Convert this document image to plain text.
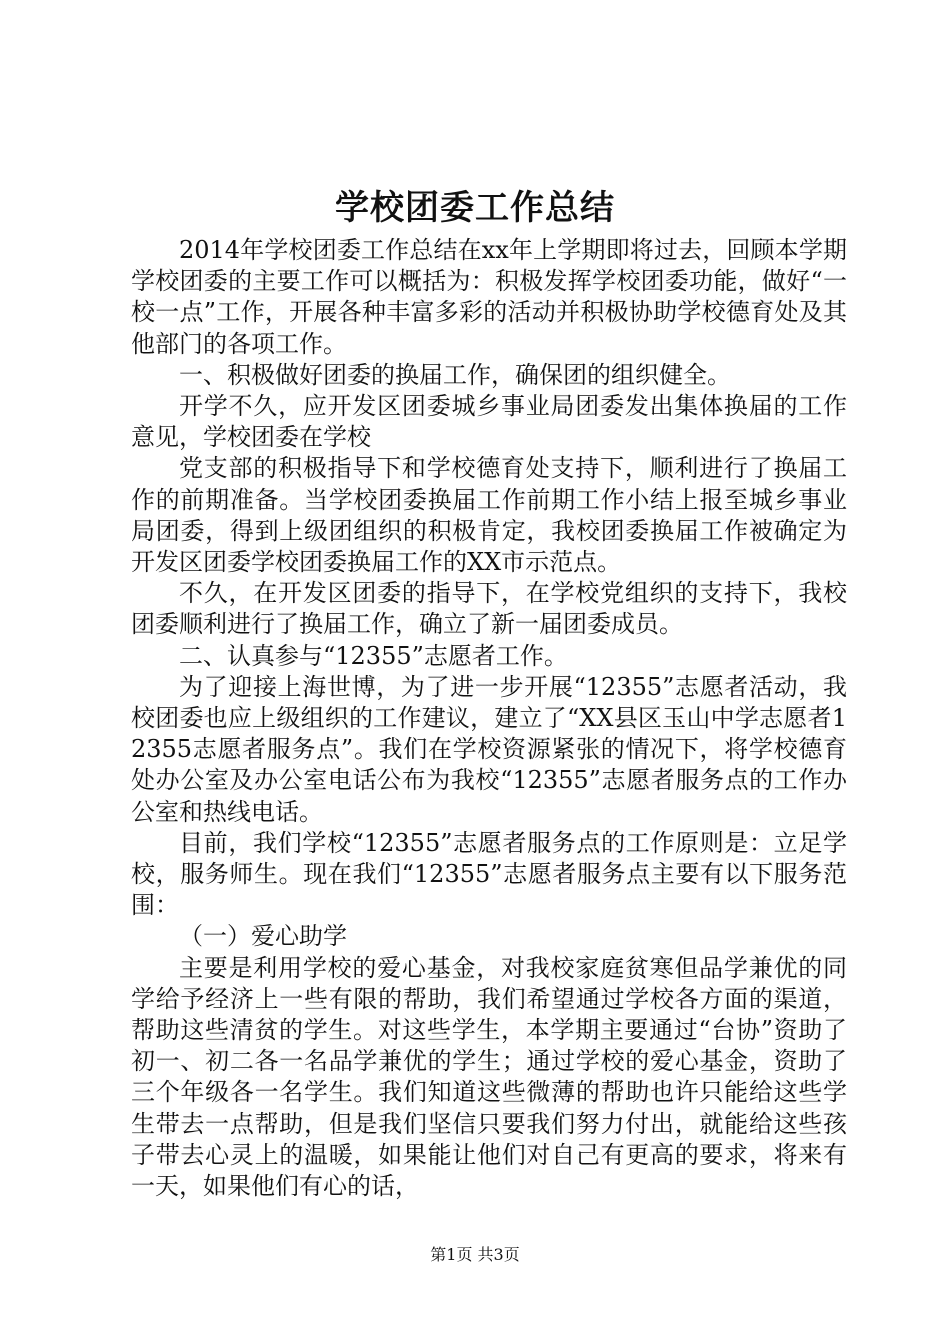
学校团委工作总结

2014年学校团委工作总结在xx年上学期即将过去，回顾本学期学校团委的主要工作可以概括为：积极发挥学校团委功能，做好“一校一点”工作，开展各种丰富多彩的活动并积极协助学校德育处及其他部门的各项工作。

一、积极做好团委的换届工作，确保团的组织健全。

开学不久，应开发区团委城乡事业局团委发出集体换届的工作意见，学校团委在学校

党支部的积极指导下和学校德育处支持下，顺利进行了换届工作的前期准备。当学校团委换届工作前期工作小结上报至城乡事业局团委，得到上级团组织的积极肯定，我校团委换届工作被确定为开发区团委学校团委换届工作的XX市示范点。

不久，在开发区团委的指导下，在学校党组织的支持下，我校团委顺利进行了换届工作，确立了新一届团委成员。

二、认真参与“12355”志愿者工作。

为了迎接上海世博，为了进一步开展“12355”志愿者活动，我校团委也应上级组织的工作建议，建立了“XX县区玉山中学志愿者12355志愿者服务点”。我们在学校资源紧张的情况下，将学校德育处办公室及办公室电话公布为我校“12355”志愿者服务点的工作办公室和热线电话。

目前，我们学校“12355”志愿者服务点的工作原则是：立足学校，服务师生。现在我们“12355”志愿者服务点主要有以下服务范围：

（一）爱心助学

主要是利用学校的爱心基金，对我校家庭贫寒但品学兼优的同学给予经济上一些有限的帮助，我们希望通过学校各方面的渠道，帮助这些清贫的学生。对这些学生，本学期主要通过“台协”资助了初一、初二各一名品学兼优的学生；通过学校的爱心基金，资助了三个年级各一名学生。我们知道这些微薄的帮助也许只能给这些学生带去一点帮助，但是我们坚信只要我们努力付出，就能给这些孩子带去心灵上的温暖，如果能让他们对自己有更高的要求，将来有一天，如果他们有心的话，

第1页 共3页
